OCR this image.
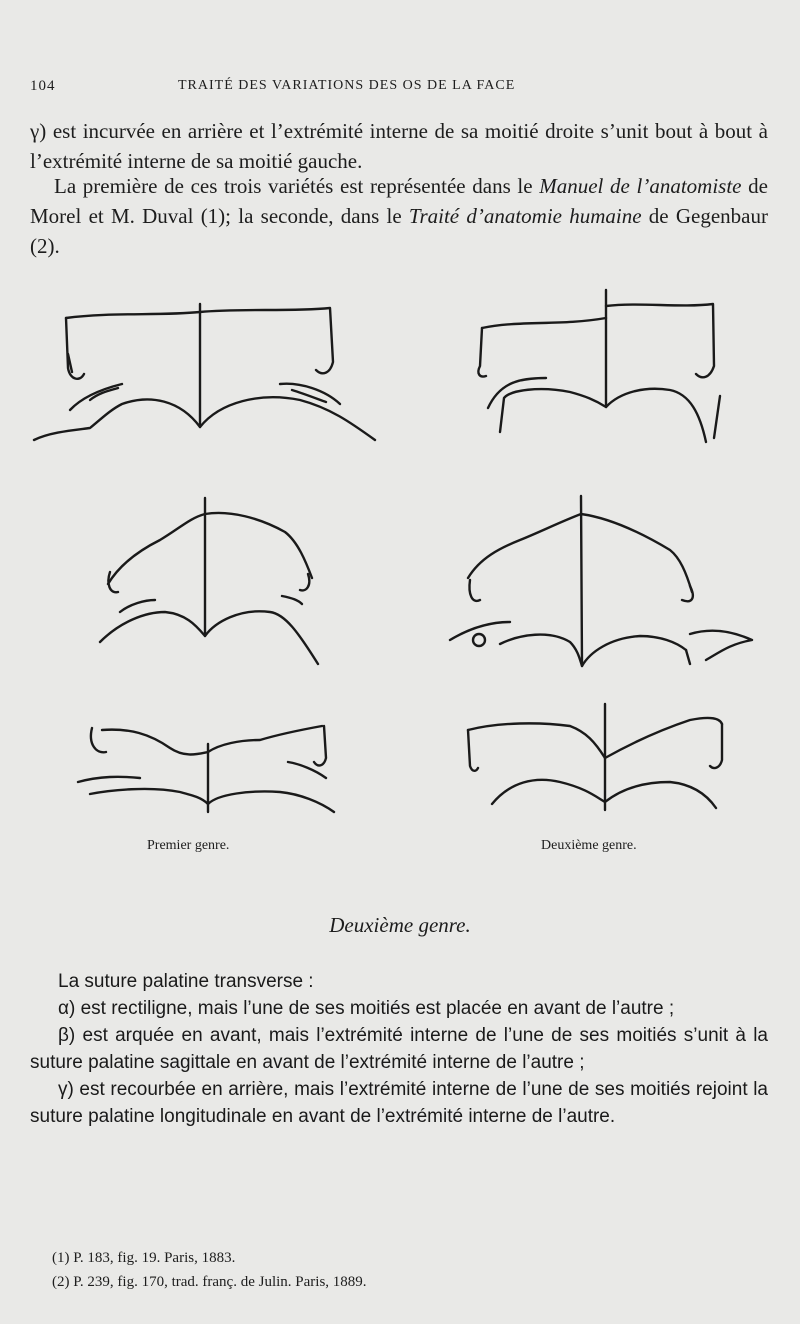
104	TRAITÉ DES VARIATIONS DES OS DE LA FACE
γ) est incurvée en arrière et l’extrémité interne de sa moitié droite s’unit bout à bout à l’extrémité interne de sa moitié gauche.
La première de ces trois variétés est représentée dans le Manuel de l’anatomiste de Morel et M. Duval (1); la seconde, dans le Traité d’anatomie humaine de Gegenbaur (2).
Premier genre.	Deuxième genre.
Deuxième genre.
La suture palatine transverse :
α) est rectiligne, mais l’une de ses moitiés est placée en avant de l’autre ;
β) est arquée en avant, mais l’extrémité interne de l’une de ses moitiés s’unit à la suture palatine sagittale en avant de l’extrémité interne de l’autre ;
γ) est recourbée en arrière, mais l’extrémité interne de l’une de ses moitiés rejoint la suture palatine longitudinale en avant de l’extrémité interne de l’autre.
(1) P. 183, fig. 19. Paris, 1883.
(2) P. 239, fig. 170, trad. franç. de Julin. Paris, 1889.
